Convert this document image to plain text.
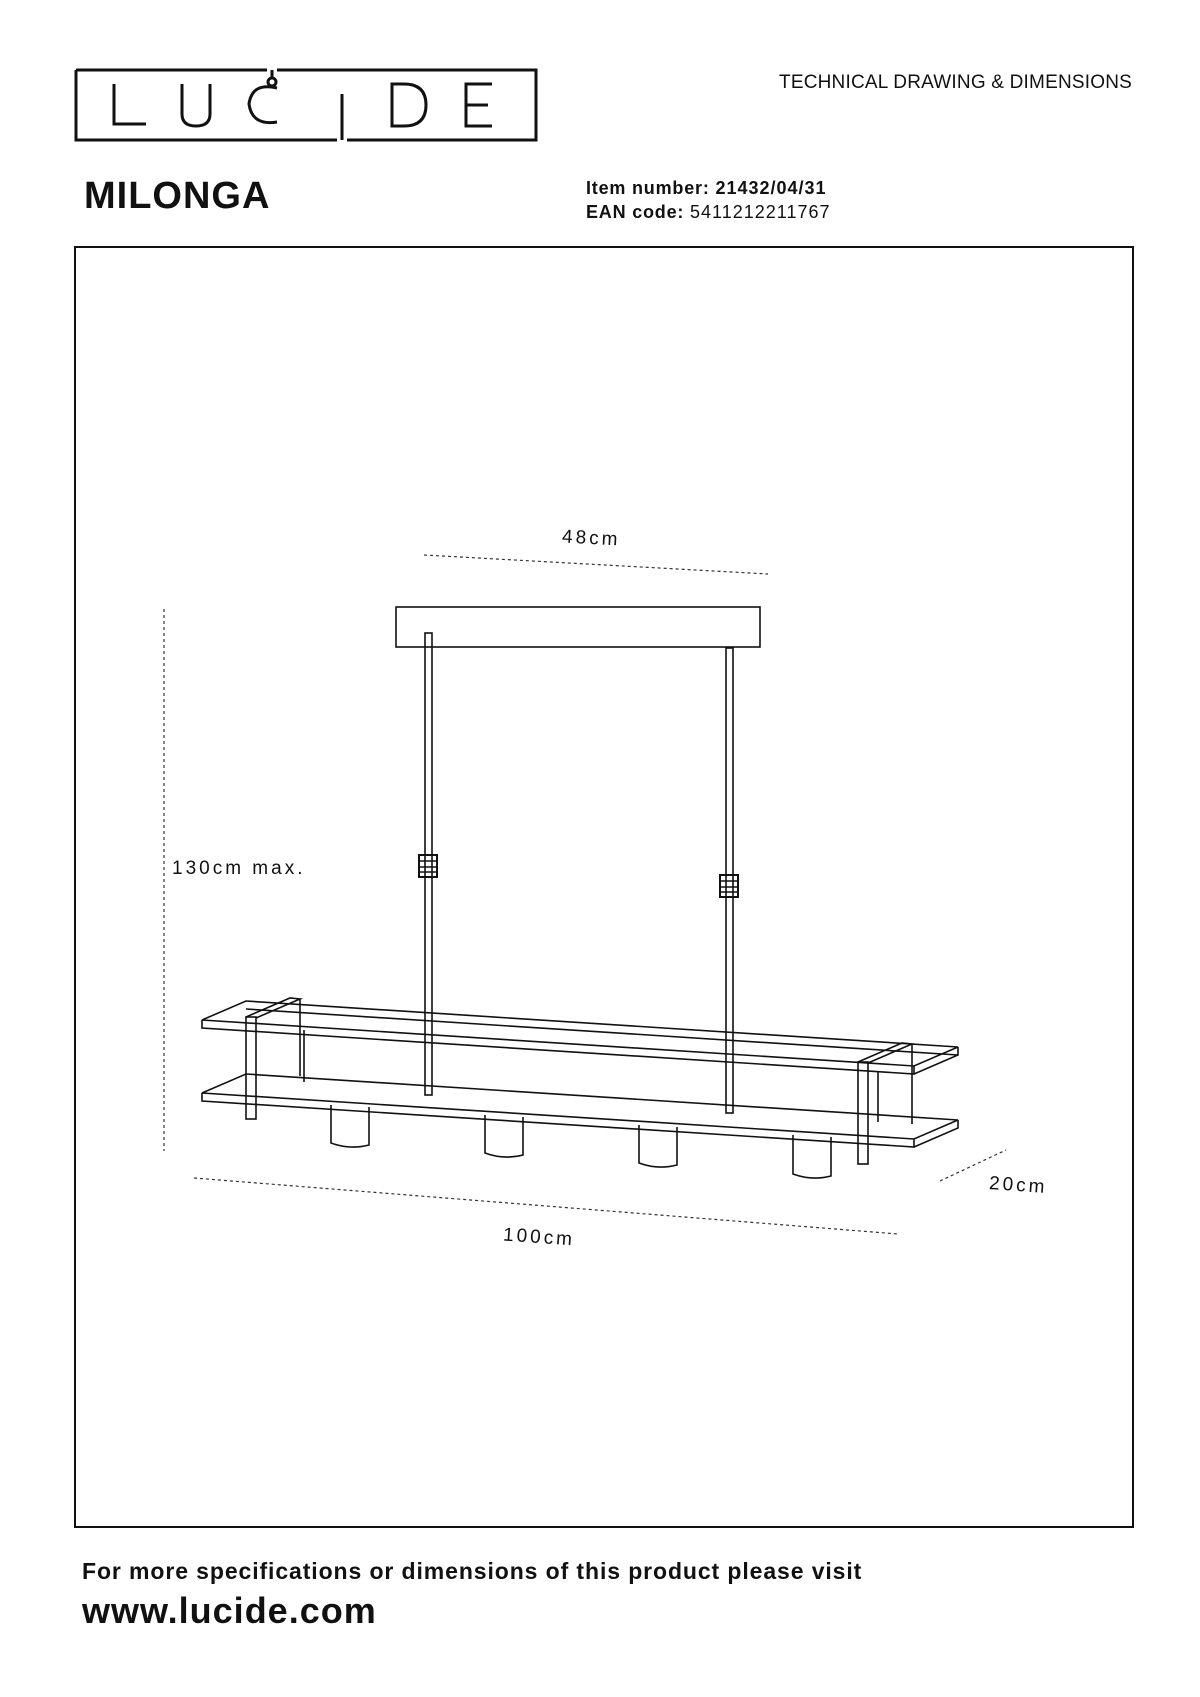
TECHNICAL DRAWING & DIMENSIONS
MILONGA	Item number: 21432/04/31
EAN code: 5411212211767
48cm
130cm max.
100cm
20cm
For more specifications or dimensions of this product please visit
www.lucide.com
